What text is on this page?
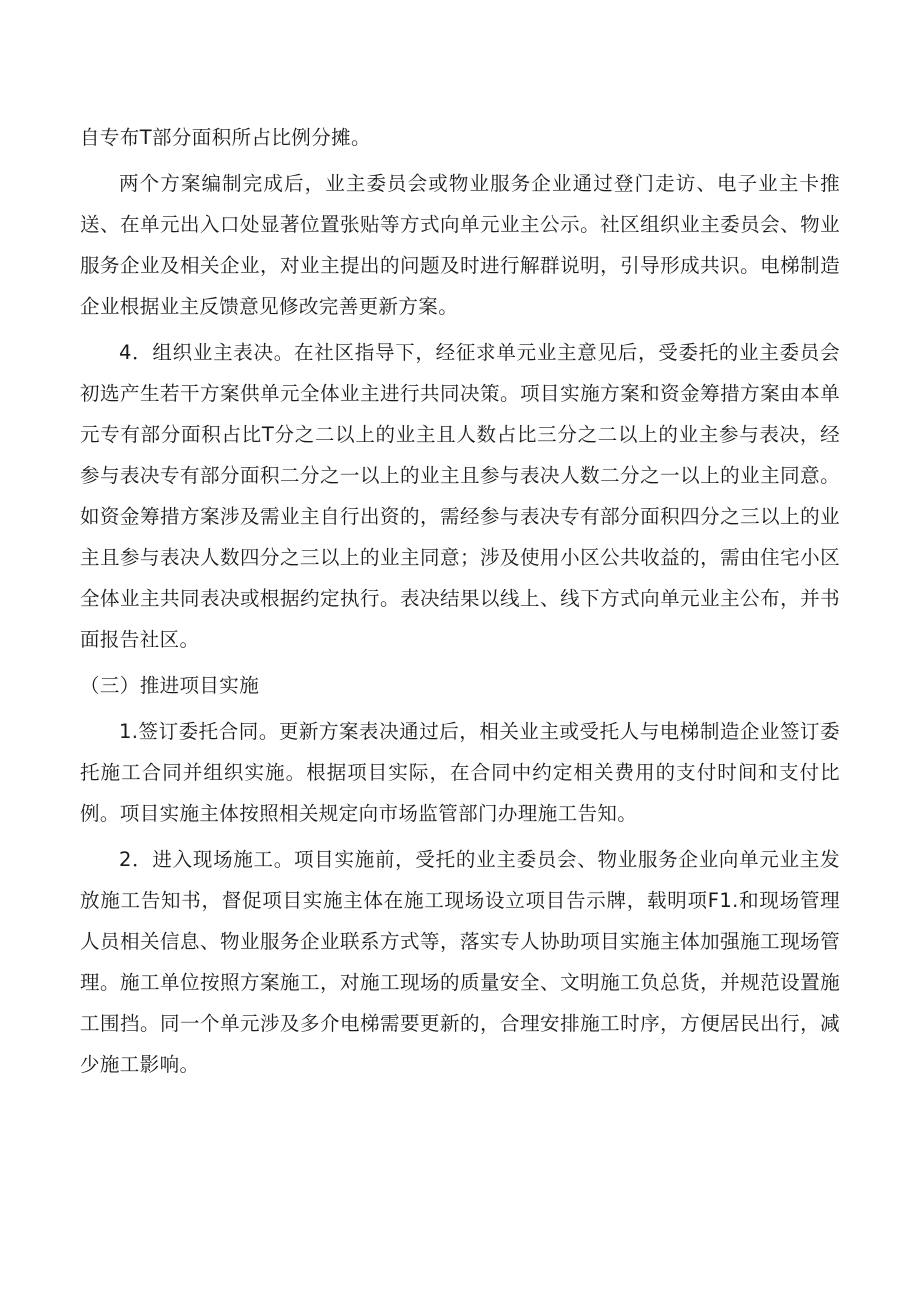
自专布T部分面积所占比例分摊。

两个方案编制完成后，业主委员会或物业服务企业通过登门走访、电子业主卡推送、在单元出入口处显著位置张贴等方式向单元业主公示。社区组织业主委员会、物业服务企业及相关企业，对业主提出的问题及时进行解群说明，引导形成共识。电梯制造企业根据业主反馈意见修改完善更新方案。

4．组织业主表决。在社区指导下，经征求单元业主意见后，受委托的业主委员会初选产生若干方案供单元全体业主进行共同决策。项目实施方案和资金筹措方案由本单元专有部分面积占比T分之二以上的业主且人数占比三分之二以上的业主参与表决，经参与表决专有部分面积二分之一以上的业主且参与表决人数二分之一以上的业主同意。如资金筹措方案涉及需业主自行出资的，需经参与表决专有部分面积四分之三以上的业主且参与表决人数四分之三以上的业主同意；涉及使用小区公共收益的，需由住宅小区全体业主共同表决或根据约定执行。表决结果以线上、线下方式向单元业主公布，并书面报告社区。

（三）推进项目实施

1.签订委托合同。更新方案表决通过后，相关业主或受托人与电梯制造企业签订委托施工合同并组织实施。根据项目实际，在合同中约定相关费用的支付时间和支付比例。项目实施主体按照相关规定向市场监管部门办理施工告知。

2．进入现场施工。项目实施前，受托的业主委员会、物业服务企业向单元业主发放施工告知书，督促项目实施主体在施工现场设立项目告示牌，载明项F1.和现场管理人员相关信息、物业服务企业联系方式等，落实专人协助项目实施主体加强施工现场管理。施工单位按照方案施工，对施工现场的质量安全、文明施工负总货，并规范设置施工围挡。同一个单元涉及多介电梯需要更新的，合理安排施工时序，方便居民出行，减少施工影响。
